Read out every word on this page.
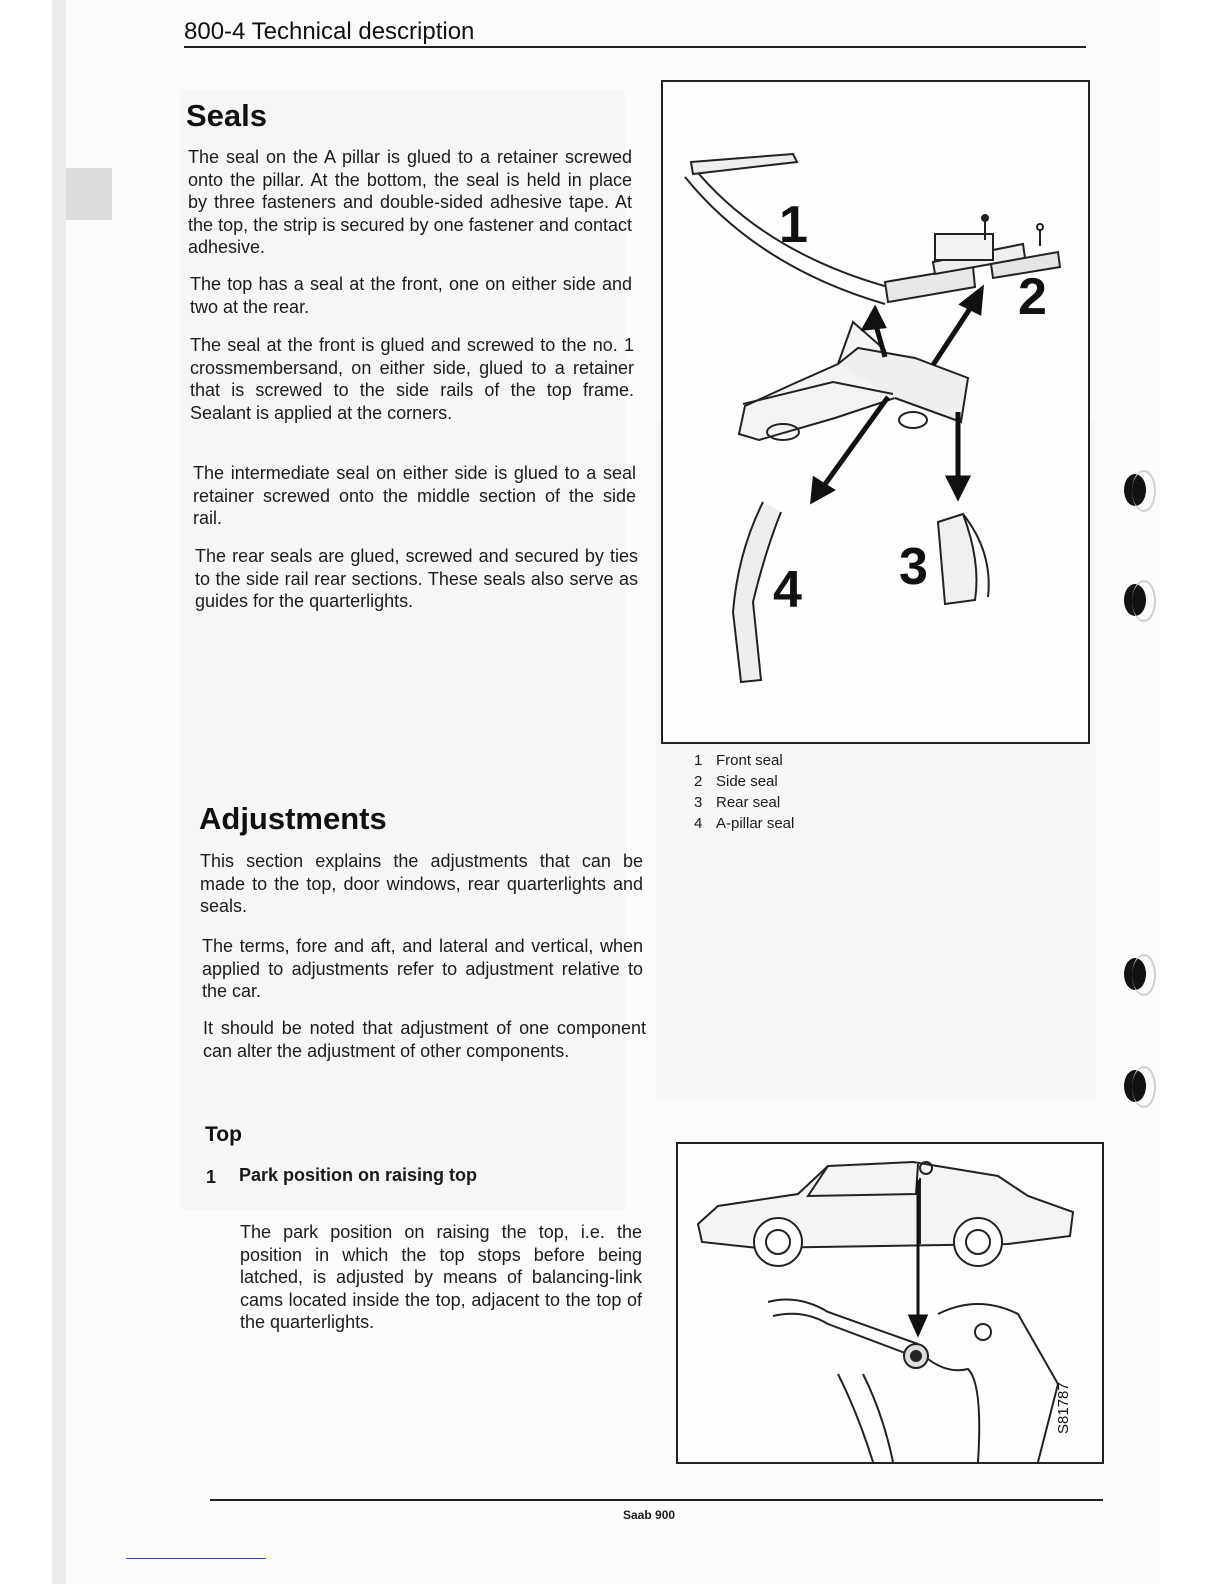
800-4 Technical description
Seals

The seal on the A pillar is glued to a retainer screwed onto the pillar. At the bottom, the seal is held in place by three fasteners and double-sided adhesive tape. At the top, the strip is secured by one fastener and contact adhesive.

The top has a seal at the front, one on either side and two at the rear.

The seal at the front is glued and screwed to the no. 1 crossmembersand, on either side, glued to a retainer that is screwed to the side rails of the top frame. Sealant is applied at the corners.

The intermediate seal on either side is glued to a seal retainer screwed onto the middle section of the side rail.

The rear seals are glued, screwed and secured by ties to the side rail rear sections. These seals also serve as guides for the quarterlights.

1
2
3
4
1 Front seal
2 Side seal
3 Rear seal
4 A-pillar seal
Adjustments

This section explains the adjustments that can be made to the top, door windows, rear quarterlights and seals.

The terms, fore and aft, and lateral and vertical, when applied to adjustments refer to adjustment relative to the car.

It should be noted that adjustment of one component can alter the adjustment of other components.

Top
1 Park position on raising top

The park position on raising the top, i.e. the position in which the top stops before being latched, is adjusted by means of balancing-link cams located inside the top, adjacent to the top of the quarterlights.

S81787
Saab 900
